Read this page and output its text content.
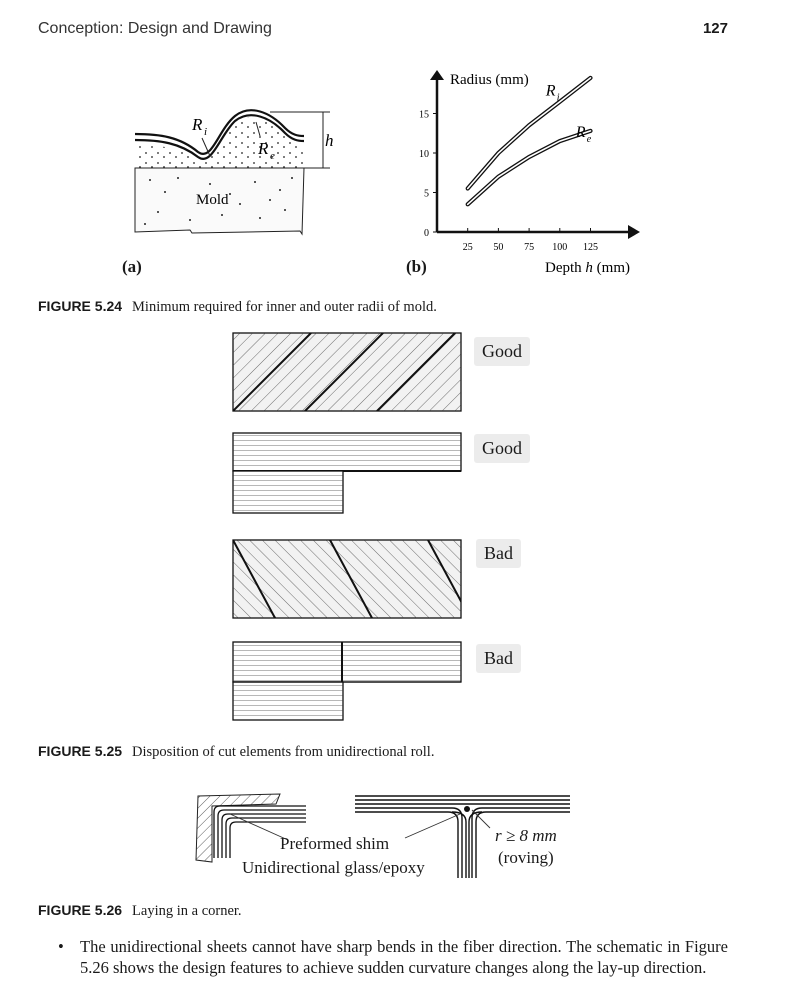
Conception: Design and Drawing	127
h
R i
R e
Mold
(a)
Radius (mm)
Depth h (mm)
25 50 75 100 125
0
5
10
15
R i
R e
(b)
FIGURE 5.24 Minimum required for inner and outer radii of mold.
Good
Good
Bad
Bad
FIGURE 5.25 Disposition of cut elements from unidirectional roll.
Preformed shim
Unidirectional glass/epoxy
r ≥ 8 mm
(roving)
FIGURE 5.26 Laying in a corner.
• The unidirectional sheets cannot have sharp bends in the fiber direction. The schematic in Figure 5.26 shows the design features to achieve sudden curvature changes along the lay-up direction.
